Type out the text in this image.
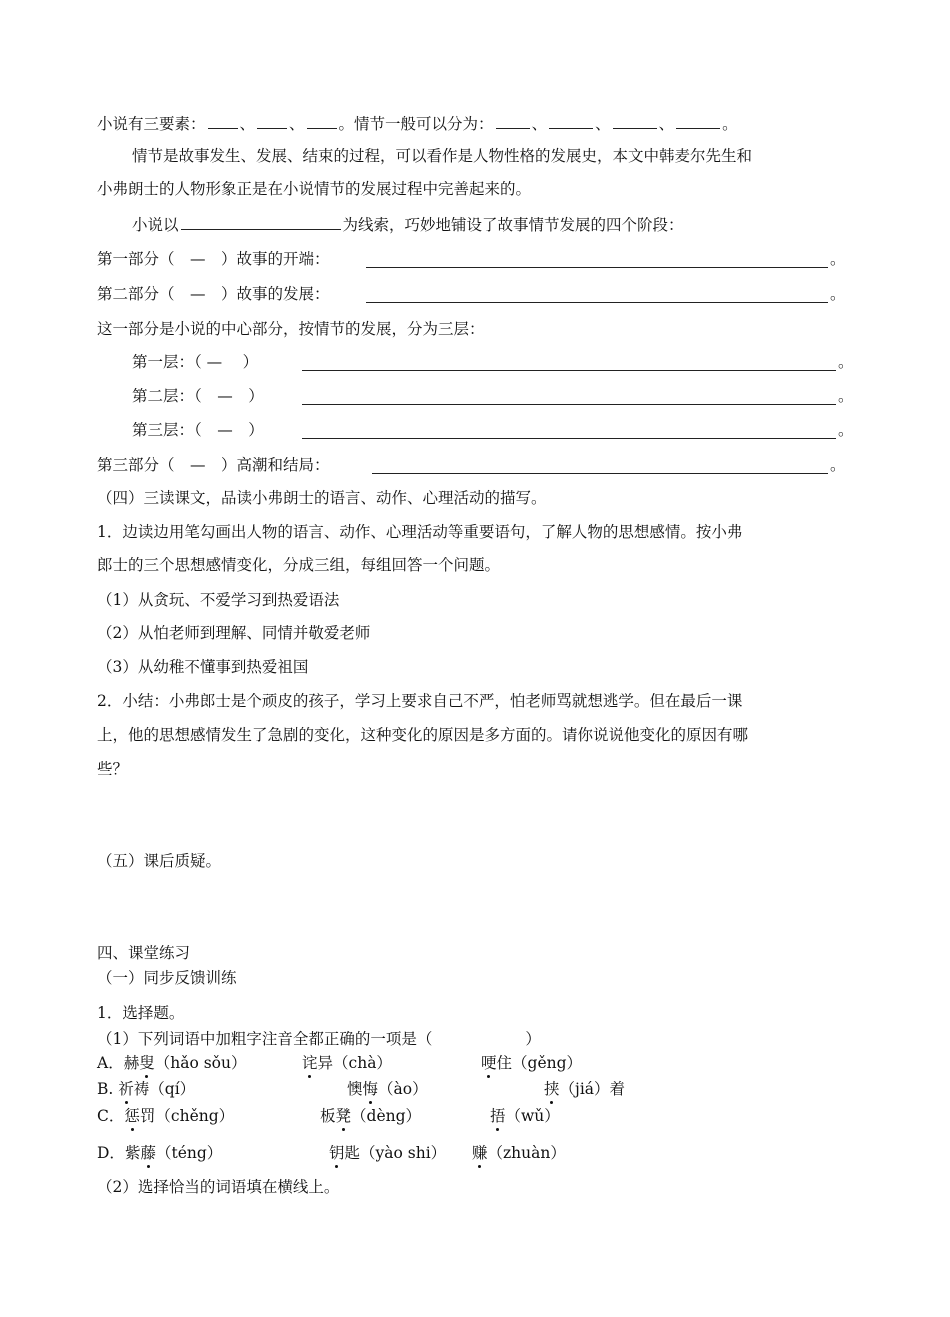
小说有三要素： 、 、 。情节一般可以分为： 、	、	、	。
情节是故事发生、发展、结束的过程，可以看作是人物性格的发展史，本文中韩麦尔先生和
小弗朗士的人物形象正是在小说情节的发展过程中完善起来的。
小说以	为线索，巧妙地铺设了故事情节发展的四个阶段：
第一部分（　—　）故事的开端：	。
第二部分（　—　）故事的发展：	。
这一部分是小说的中心部分，按情节的发展，分为三层：
第一层：（ —　 ）	。
第二层：（　—　）	。
第三层：（　—　）	。
第三部分（　—　）高潮和结局：	。
（四）三读课文，品读小弗朗士的语言、动作、心理活动的描写。
1．边读边用笔勾画出人物的语言、动作、心理活动等重要语句，了解人物的思想感情。按小弗
郎士的三个思想感情变化，分成三组，每组回答一个问题。
（1）从贪玩、不爱学习到热爱语法
（2）从怕老师到理解、同情并敬爱老师
（3）从幼稚不懂事到热爱祖国
2．小结：小弗郎士是个顽皮的孩子，学习上要求自己不严，怕老师骂就想逃学。但在最后一课
上，他的思想感情发生了急剧的变化，这种变化的原因是多方面的。请你说说他变化的原因有哪
些？
（五）课后质疑。
四、课堂练习
（一）同步反馈训练
1．选择题。
（1）下列词语中加粗字注音全都正确的一项是（　　　　　　）
A．赫叟（hǎo sǒu）	诧异（chà）	哽住（gěng）
B. 祈祷（qí）	懊悔（ào）	挟（jiá）着
C．惩罚（chěng）	板凳（dèng）	捂（wǔ）
D．紫藤（téng）	钥匙（yào shi） 赚（zhuàn）
（2）选择恰当的词语填在横线上。
